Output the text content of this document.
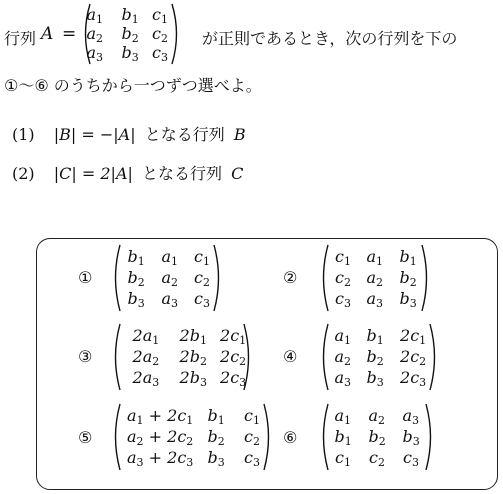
行列 A =
$a_1$ $b_1$ $c_1$
$a_2$ $b_2$ $c_2$
$a_3$ $b_3$ $c_3$
が正則であるとき，次の行列を下の
①〜⑥ のうちから一つずつ選べよ。
(1) |B| = −|A| となる行列 B
(2) |C| = 2|A| となる行列 C
①
$b_1$ $a_1$ $c_1$
$b_2$ $a_2$ $c_2$
$b_3$ $a_3$ $c_3$
②
$c_1$ $a_1$ $b_1$
$c_2$ $a_2$ $b_2$
$c_3$ $a_3$ $b_3$
③
$2a_1$ $2b_1$ $2c_1$
$2a_2$ $2b_2$ $2c_2$
$2a_3$ $2b_3$ $2c_3$
④
$a_1$ $b_1$ $2c_1$
$a_2$ $b_2$ $2c_2$
$a_3$ $b_3$ $2c_3$
⑤
$a_1 + 2c_1$ $b_1$ $c_1$
$a_2 + 2c_2$ $b_2$ $c_2$
$a_3 + 2c_3$ $b_3$ $c_3$
⑥
$a_1$ $a_2$ $a_3$
$b_1$ $b_2$ $b_3$
$c_1$ $c_2$ $c_3$
